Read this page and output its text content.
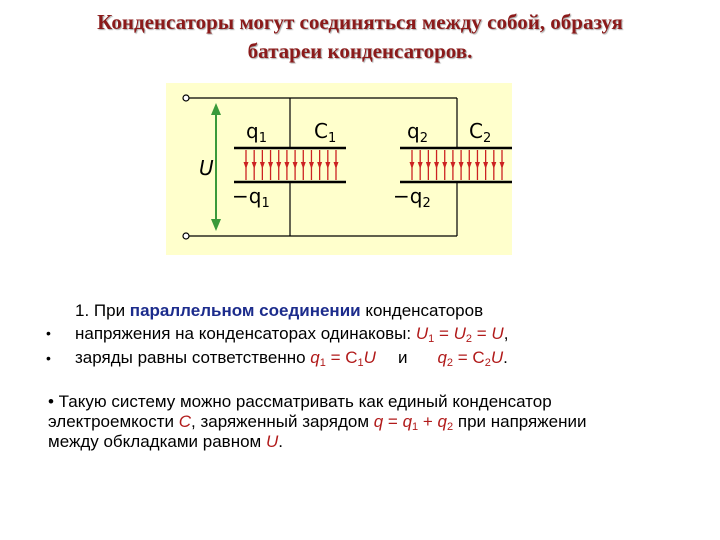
Конденсаторы могут соединяться между собой, образуя
батареи конденсаторов.
$q_1$ $C_1$	$q_2$ $C_2$
U
$-q_1$	$-q_2$
1. При параллельном соединении конденсаторов
• напряжения на конденсаторах одинаковы: $U_1 = U_2 = U$,
• заряды равны сответственно $q_1 = C_1U$ и $q_2 = C_2U$.
• Такую систему можно рассматривать как единый конденсатор
электроемкости C, заряженный зарядом $q = q_1 + q_2$ при напряжении
между обкладками равном U.
